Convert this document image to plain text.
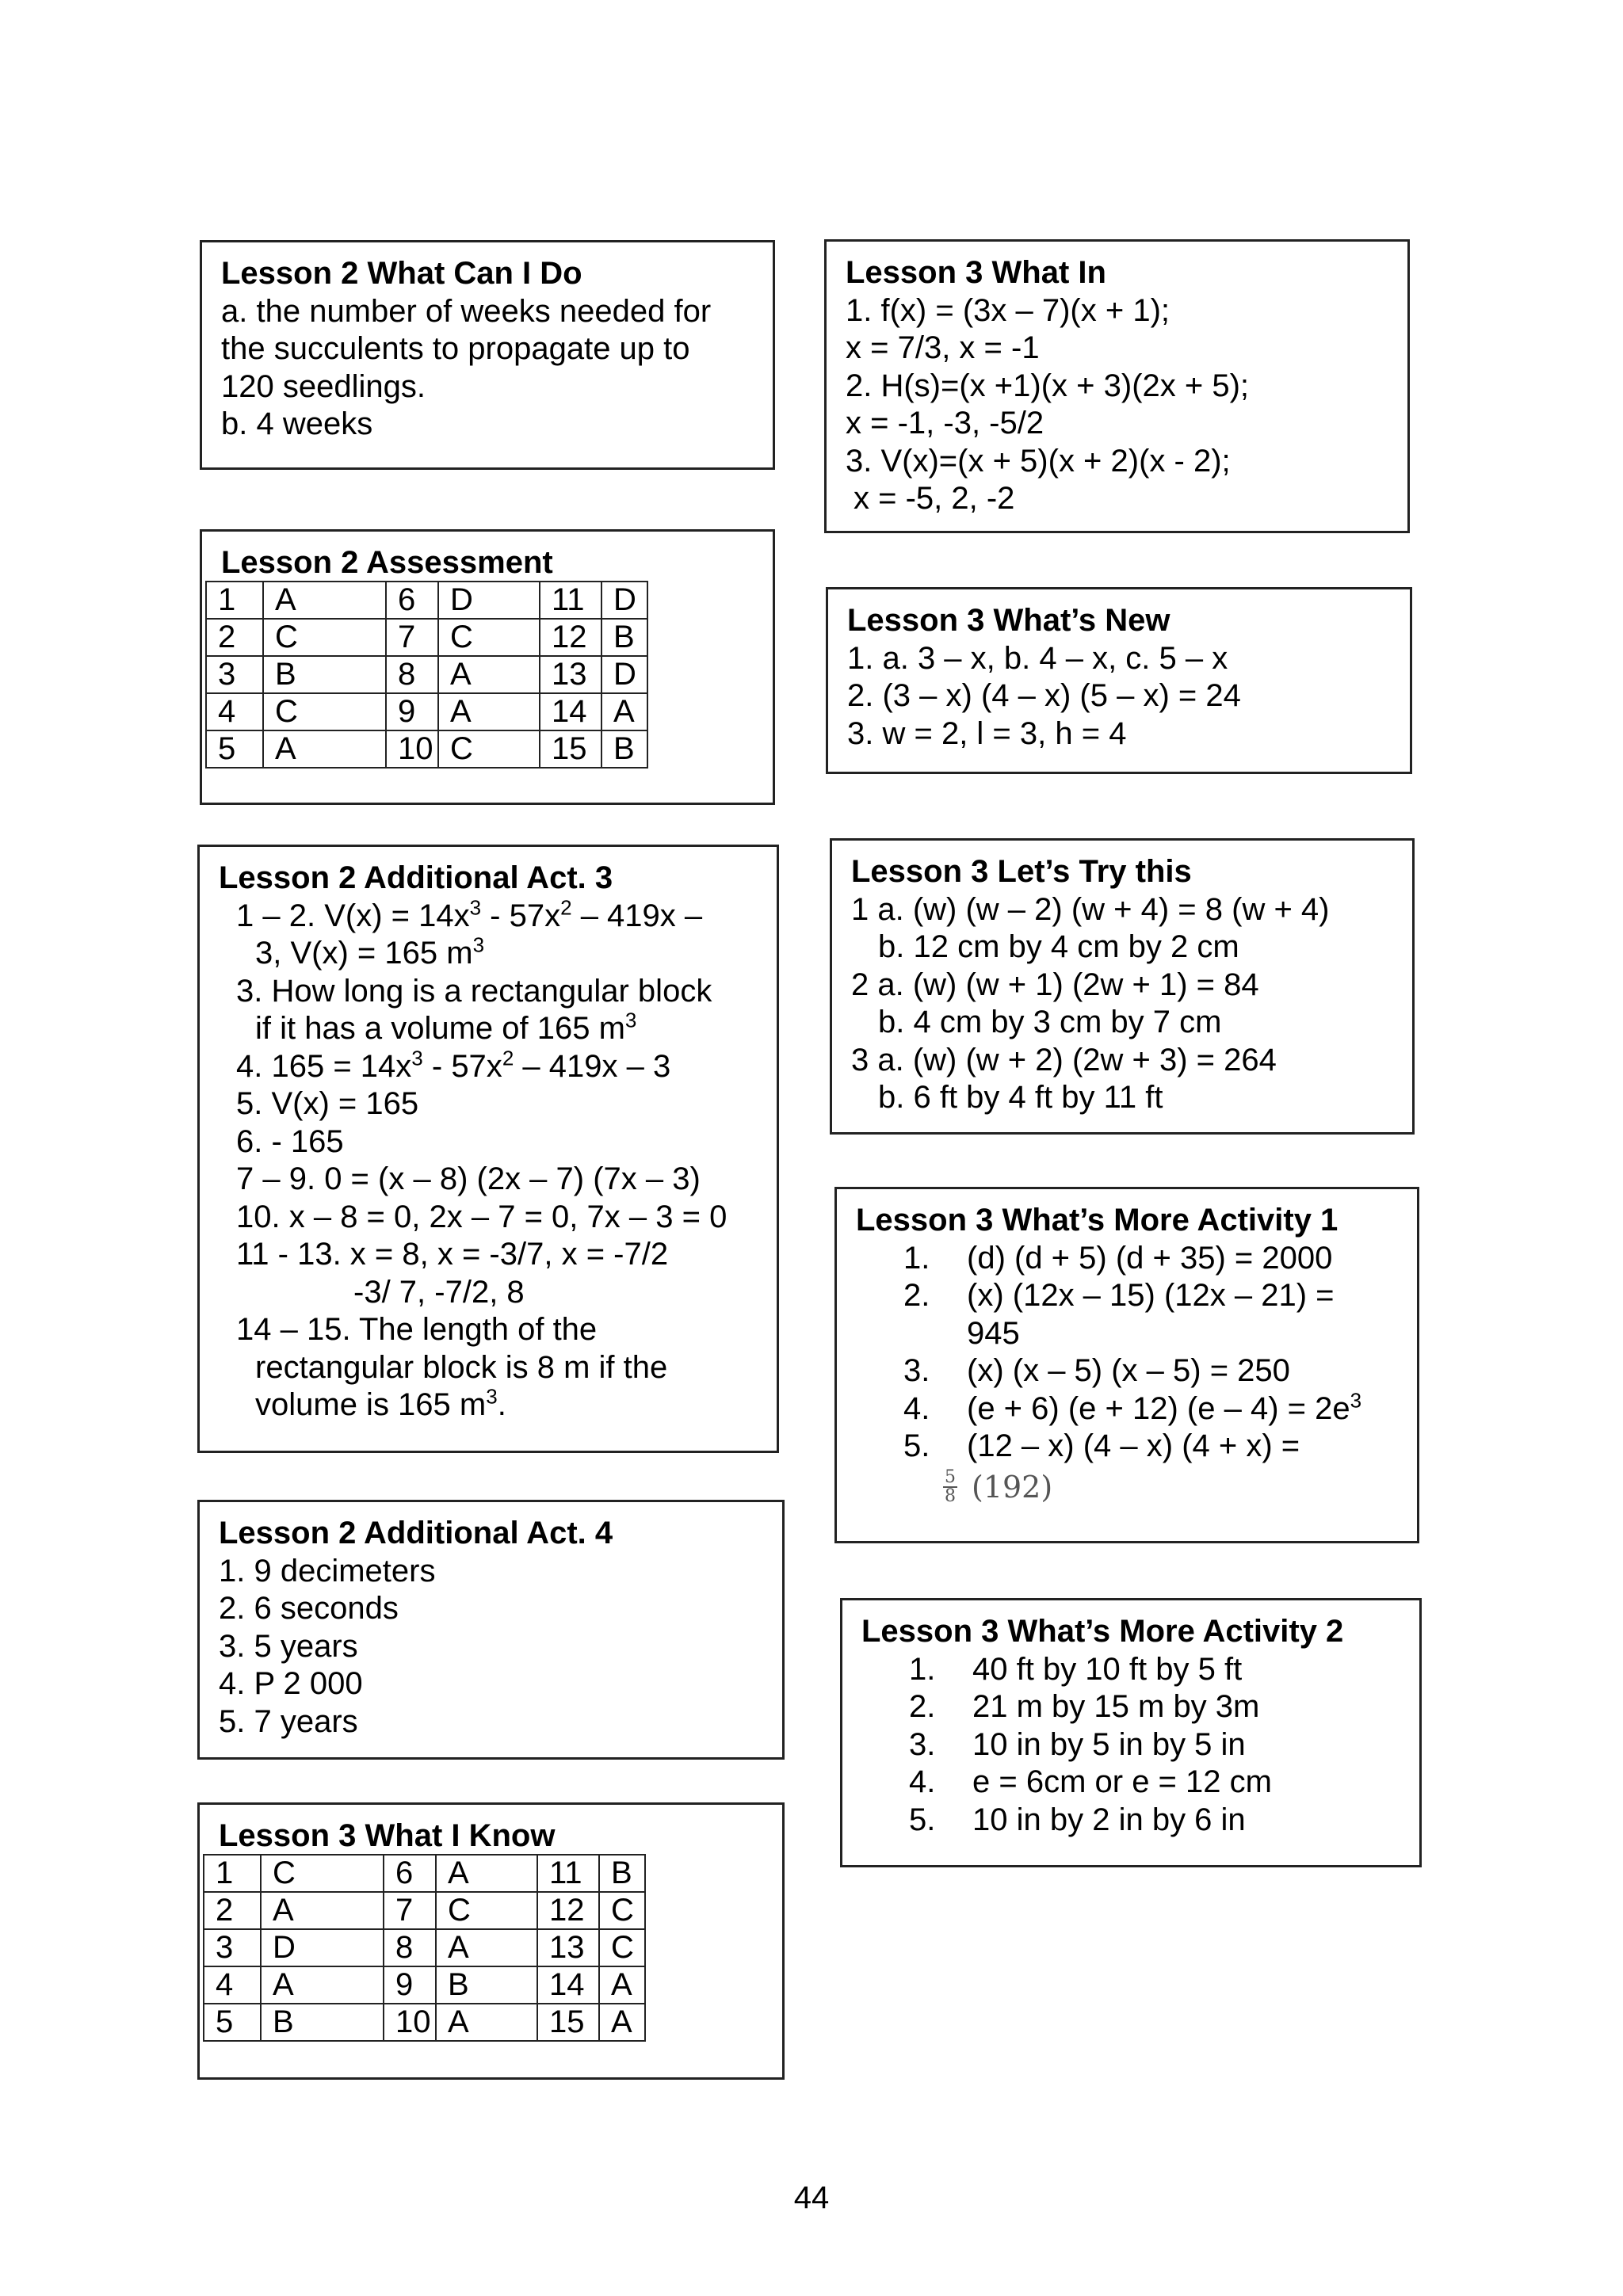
Lesson 2 What Can I Do
a. the number of weeks needed for
the succulents to propagate up to
120 seedlings.
b. 4 weeks
Lesson 2 Assessment
1	A	6	D	11	D
2	C	7	C	12	B
3	B	8	A	13	D
4	C	9	A	14	A
5	A	10	C	15	B
Lesson 2 Additional Act. 3
1 – 2. $V(x) = 14x^3 - 57x^2 - 419x$ –
3, V(x) = 165 $m^3$
3. How long is a rectangular block
if it has a volume of 165 $m^3$
4. $165 = 14x^3 - 57x^2 - 419x - 3$
5. V(x) = 165
6. - 165
7 – 9. 0 = (x – 8) (2x – 7) (7x – 3)
10. x – 8 = 0, 2x – 7 = 0, 7x – 3 = 0
11 - 13. x = 8, x = -3/7, x = -7/2
-3/ 7, -7/2, 8
14 – 15. The length of the
rectangular block is 8 m if the
volume is 165 $m^3$.
Lesson 2 Additional Act. 4
1. 9 decimeters
2. 6 seconds
3. 5 years
4. P 2 000
5. 7 years
Lesson 3 What I Know
1	C	6	A	11	B
2	A	7	C	12	C
3	D	8	A	13	C
4	A	9	B	14	A
5	B	10	A	15	A
Lesson 3 What In
1. f(x) = (3x – 7)(x + 1);
x = 7/3, x = -1
2. H(s)=(x +1)(x + 3)(2x + 5);
x = -1, -3, -5/2
3. V(x)=(x + 5)(x + 2)(x - 2);
x = -5, 2, -2
Lesson 3 What’s New
1. a. 3 – x, b. 4 – x, c. 5 – x
2. (3 – x) (4 – x) (5 – x) = 24
3. w = 2, l = 3, h = 4
Lesson 3 Let’s Try this
1 a. (w) (w – 2) (w + 4) = 8 (w + 4)
b. 12 cm by 4 cm by 2 cm
2 a. (w) (w + 1) (2w + 1) = 84
b. 4 cm by 3 cm by 7 cm
3 a. (w) (w + 2) (2w + 3) = 264
b. 6 ft by 4 ft by 11 ft
Lesson 3 What’s More Activity 1
1.	(d) (d + 5) (d + 35) = 2000
2.	(x) (12x – 15) (12x – 21) =
945
3.	(x) (x – 5) (x – 5) = 250
4.	(e + 6) (e + 12) $(e - 4) = 2e^3$
5.	(12 – x) (4 – x) (4 + x) =
$\frac{5}{8} (192)$
Lesson 3 What’s More Activity 2
1.	40 ft by 10 ft by 5 ft
2.	21 m by 15 m by 3m
3.	10 in by 5 in by 5 in
4.	e = 6cm or e = 12 cm
5.	10 in by 2 in by 6 in
44
